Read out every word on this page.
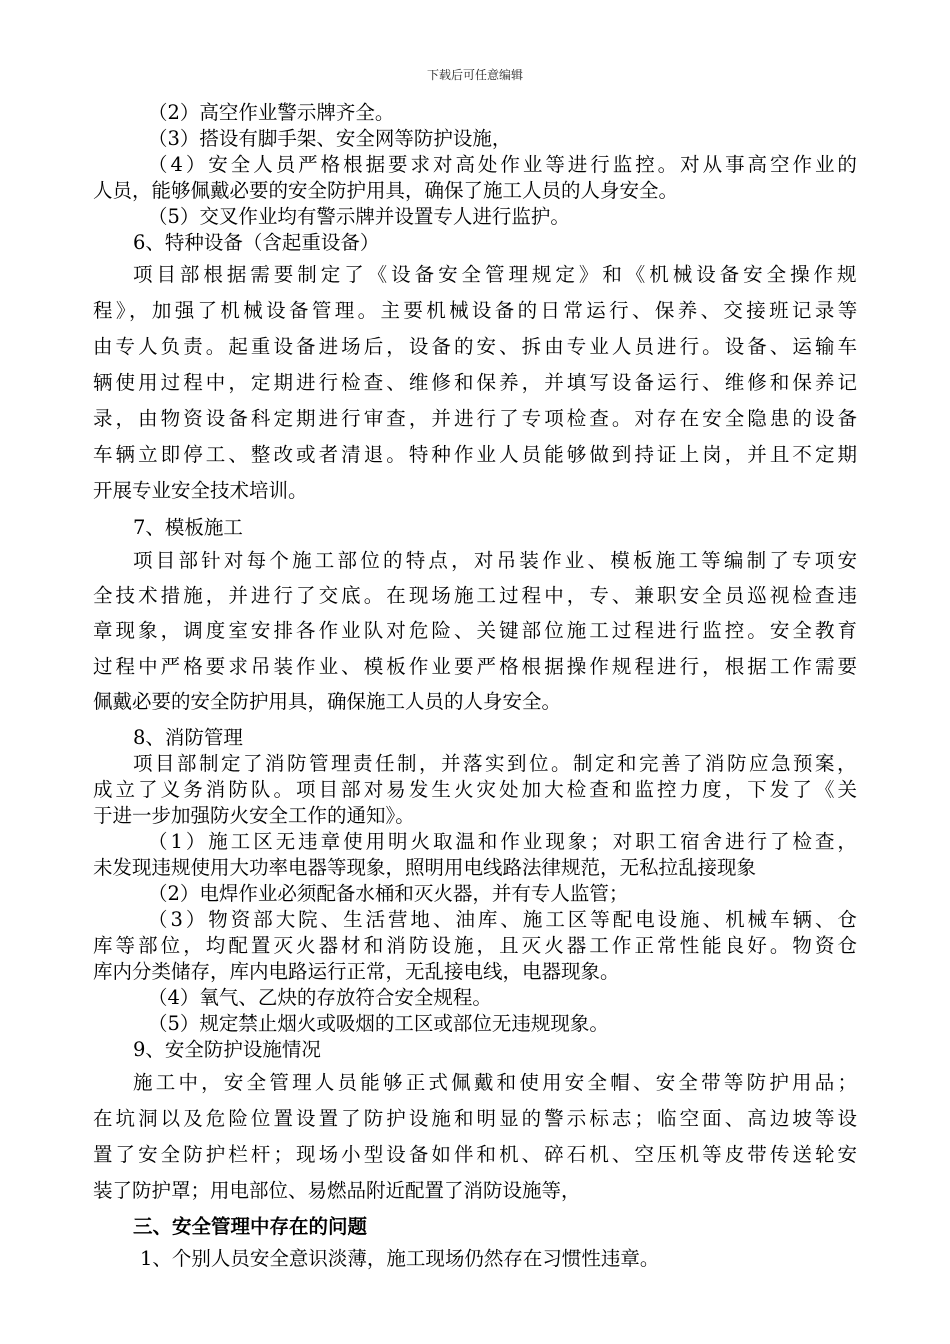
下载后可任意编辑
（2）高空作业警示牌齐全。
（3）搭设有脚手架、安全网等防护设施，
（4）安全人员严格根据要求对高处作业等进行监控。对从事高空作业的
人员，能够佩戴必要的安全防护用具，确保了施工人员的人身安全。
（5）交叉作业均有警示牌并设置专人进行监护。
6、特种设备（含起重设备）
项目部根据需要制定了《设备安全管理规定》和《机械设备安全操作规
程》，加强了机械设备管理。主要机械设备的日常运行、保养、交接班记录等
由专人负责。起重设备进场后，设备的安、拆由专业人员进行。设备、运输车
辆使用过程中，定期进行检查、维修和保养，并填写设备运行、维修和保养记
录，由物资设备科定期进行审查，并进行了专项检查。对存在安全隐患的设备
车辆立即停工、整改或者清退。特种作业人员能够做到持证上岗，并且不定期
开展专业安全技术培训。
7、模板施工
项目部针对每个施工部位的特点，对吊装作业、模板施工等编制了专项安
全技术措施，并进行了交底。在现场施工过程中，专、兼职安全员巡视检查违
章现象，调度室安排各作业队对危险、关键部位施工过程进行监控。安全教育
过程中严格要求吊装作业、模板作业要严格根据操作规程进行，根据工作需要
佩戴必要的安全防护用具，确保施工人员的人身安全。
8、消防管理
项目部制定了消防管理责任制，并落实到位。制定和完善了消防应急预案，
成立了义务消防队。项目部对易发生火灾处加大检查和监控力度，下发了《关
于进一步加强防火安全工作的通知》。
（1）施工区无违章使用明火取温和作业现象；对职工宿舍进行了检查，
未发现违规使用大功率电器等现象，照明用电线路法律规范，无私拉乱接现象
（2）电焊作业必须配备水桶和灭火器，并有专人监管；
（3）物资部大院、生活营地、油库、施工区等配电设施、机械车辆、仓
库等部位，均配置灭火器材和消防设施，且灭火器工作正常性能良好。物资仓
库内分类储存，库内电路运行正常，无乱接电线，电器现象。
（4）氧气、乙炔的存放符合安全规程。
（5）规定禁止烟火或吸烟的工区或部位无违规现象。
9、安全防护设施情况
施工中，安全管理人员能够正式佩戴和使用安全帽、安全带等防护用品；
在坑洞以及危险位置设置了防护设施和明显的警示标志；临空面、高边坡等设
置了安全防护栏杆；现场小型设备如伴和机、碎石机、空压机等皮带传送轮安
装了防护罩；用电部位、易燃品附近配置了消防设施等，
三、安全管理中存在的问题
1、个别人员安全意识淡薄，施工现场仍然存在习惯性违章。
